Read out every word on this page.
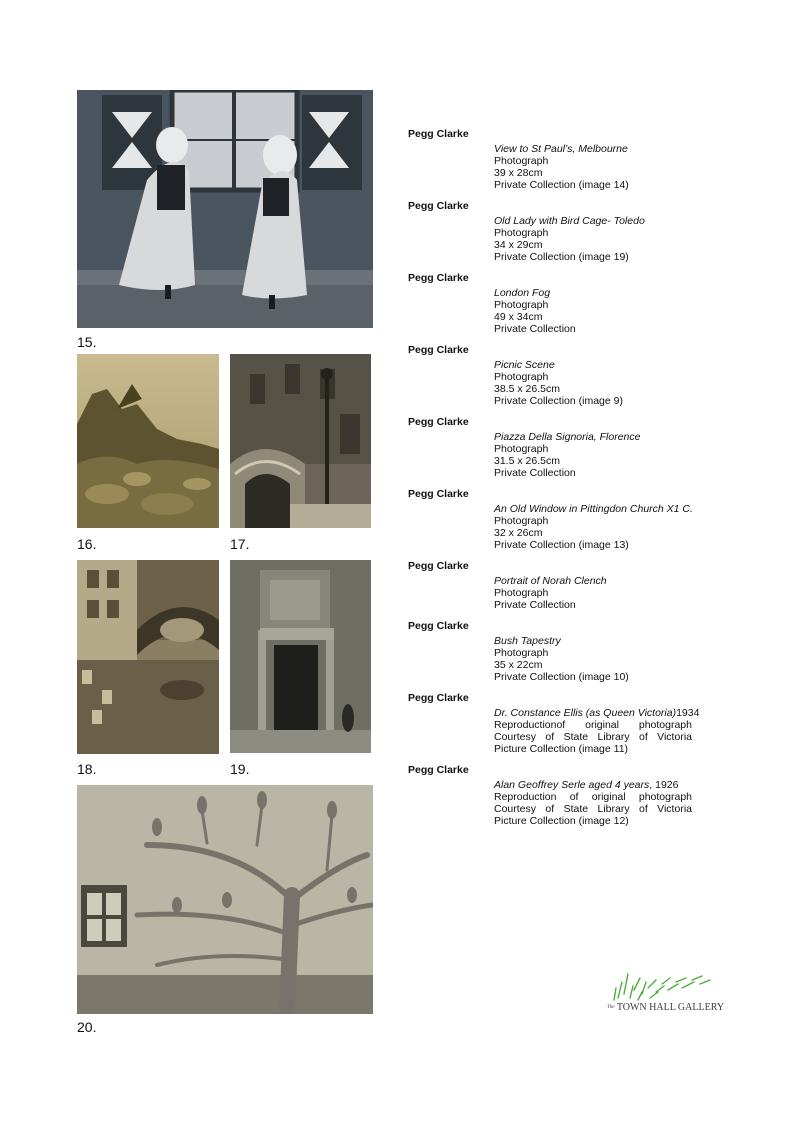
15.
16.	17.
18.	19.
20.
Pegg Clarke
View to St Paul’s, Melbourne
Photograph
39 x 28cm
Private Collection (image 14)
Pegg Clarke
Old Lady with Bird Cage- Toledo
Photograph
34 x 29cm
Private Collection (image 19)
Pegg Clarke
London Fog
Photograph
49 x 34cm
Private Collection
Pegg Clarke
Picnic Scene
Photograph
38.5 x 26.5cm
Private Collection (image 9)
Pegg Clarke
Piazza Della Signoria, Florence
Photograph
31.5 x 26.5cm
Private Collection
Pegg Clarke
An Old Window in Pittingdon Church X1 C.
Photograph
32 x 26cm
Private Collection (image 13)
Pegg Clarke
Portrait of Norah Clench
Photograph
Private Collection
Pegg Clarke
Bush Tapestry
Photograph
35 x 22cm
Private Collection (image 10)
Pegg Clarke
Dr. Constance Ellis (as Queen Victoria)1934
Reproductionof original photograph
Courtesy of State Library of Victoria
Picture Collection (image 11)
Pegg Clarke
Alan Geoffrey Serle aged 4 years, 1926
Reproduction of original photograph
Courtesy of State Library of Victoria
Picture Collection (image 12)
The TOWN HALL GALLERY
